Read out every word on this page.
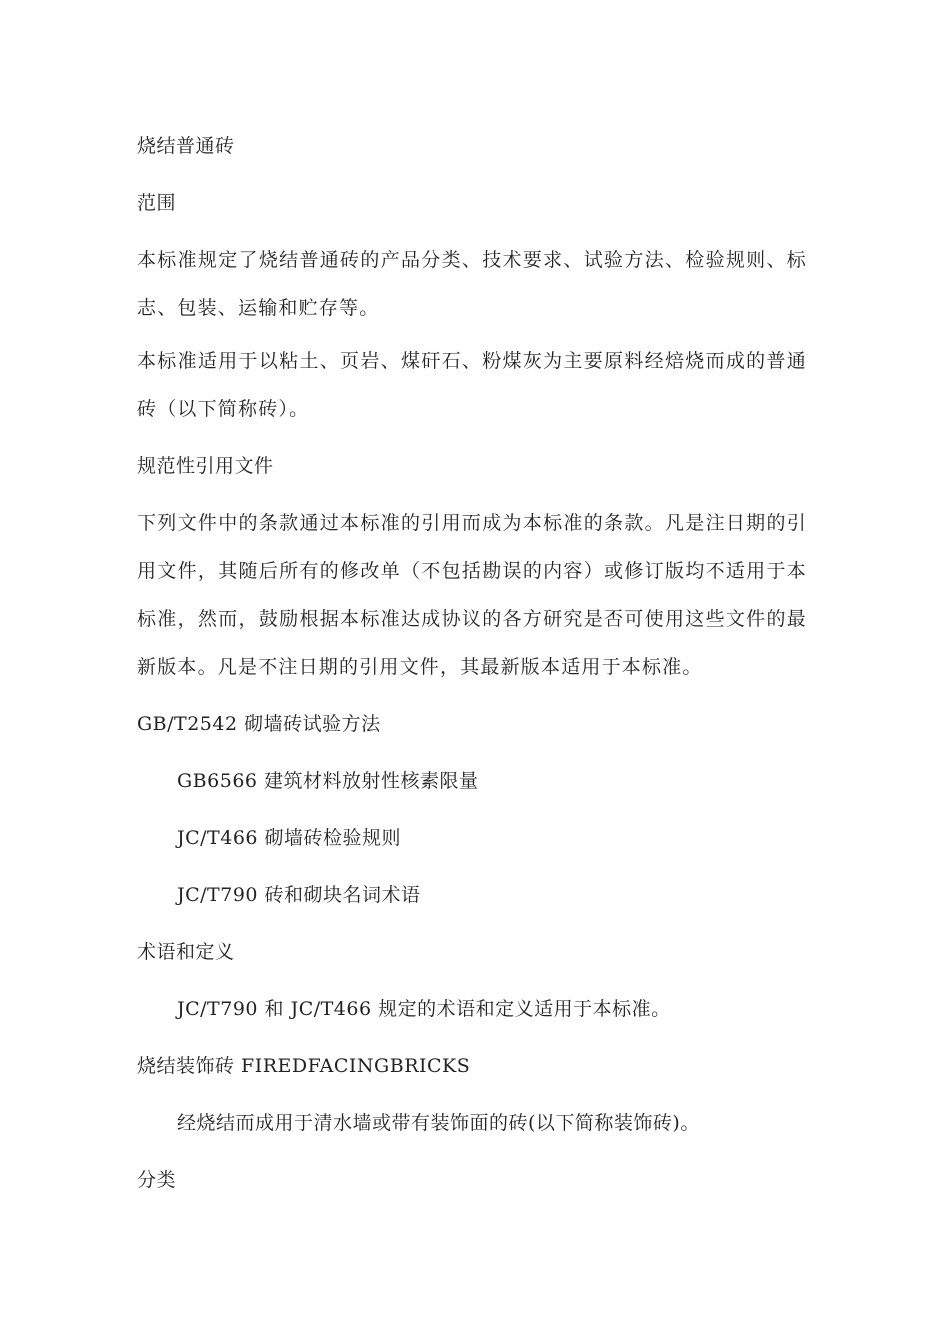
烧结普通砖

范围

本标准规定了烧结普通砖的产品分类、技术要求、试验方法、检验规则、标志、包装、运输和贮存等。

本标准适用于以粘土、页岩、煤矸石、粉煤灰为主要原料经焙烧而成的普通砖（以下简称砖）。

规范性引用文件

下列文件中的条款通过本标准的引用而成为本标准的条款。凡是注日期的引用文件，其随后所有的修改单（不包括勘误的内容）或修订版均不适用于本标准，然而，鼓励根据本标准达成协议的各方研究是否可使用这些文件的最新版本。凡是不注日期的引用文件，其最新版本适用于本标准。

GB/T2542 砌墙砖试验方法

GB6566 建筑材料放射性核素限量

JC/T466 砌墙砖检验规则

JC/T790 砖和砌块名词术语

术语和定义

JC/T790 和 JC/T466 规定的术语和定义适用于本标准。

烧结装饰砖 FIREDFACINGBRICKS

经烧结而成用于清水墙或带有装饰面的砖(以下简称装饰砖)。

分类
